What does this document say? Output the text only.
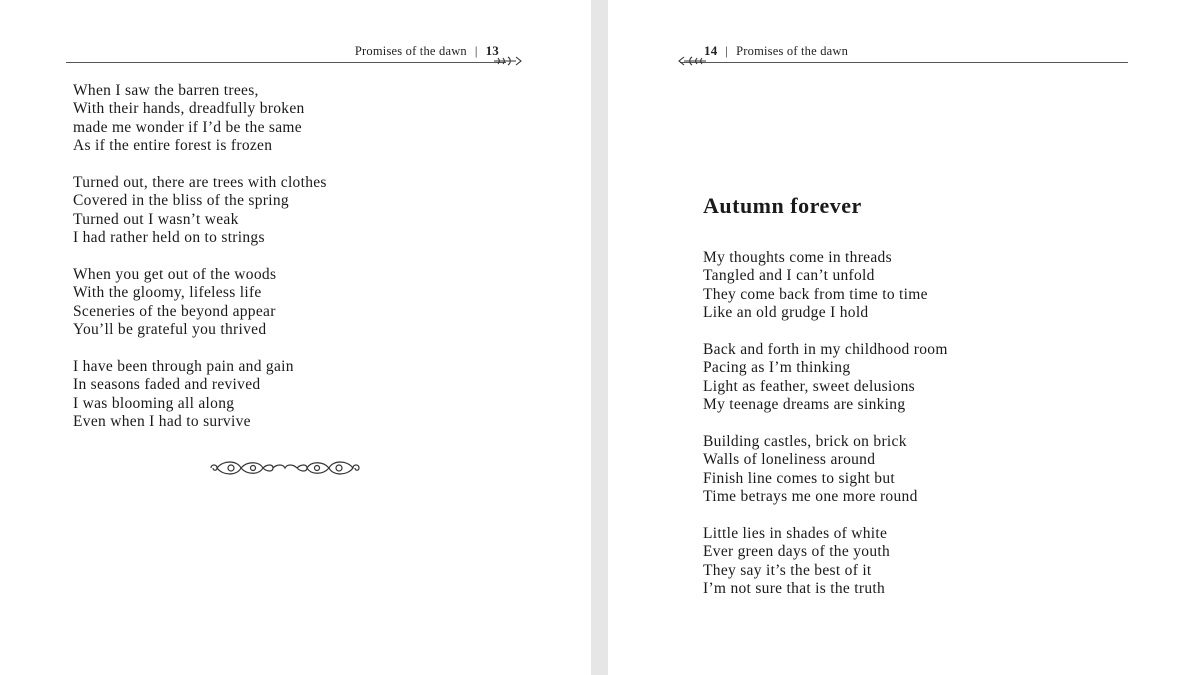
Promises of the dawn | 13
When I saw the barren trees,
With their hands, dreadfully broken
made me wonder if I’d be the same
As if the entire forest is frozen
Turned out, there are trees with clothes
Covered in the bliss of the spring
Turned out I wasn’t weak
I had rather held on to strings
When you get out of the woods
With the gloomy, lifeless life
Sceneries of the beyond appear
You’ll be grateful you thrived
I have been through pain and gain
In seasons faded and revived
I was blooming all along
Even when I had to survive
14 | Promises of the dawn
Autumn forever
My thoughts come in threads
Tangled and I can’t unfold
They come back from time to time
Like an old grudge I hold
Back and forth in my childhood room
Pacing as I’m thinking
Light as feather, sweet delusions
My teenage dreams are sinking
Building castles, brick on brick
Walls of loneliness around
Finish line comes to sight but
Time betrays me one more round
Little lies in shades of white
Ever green days of the youth
They say it’s the best of it
I’m not sure that is the truth
